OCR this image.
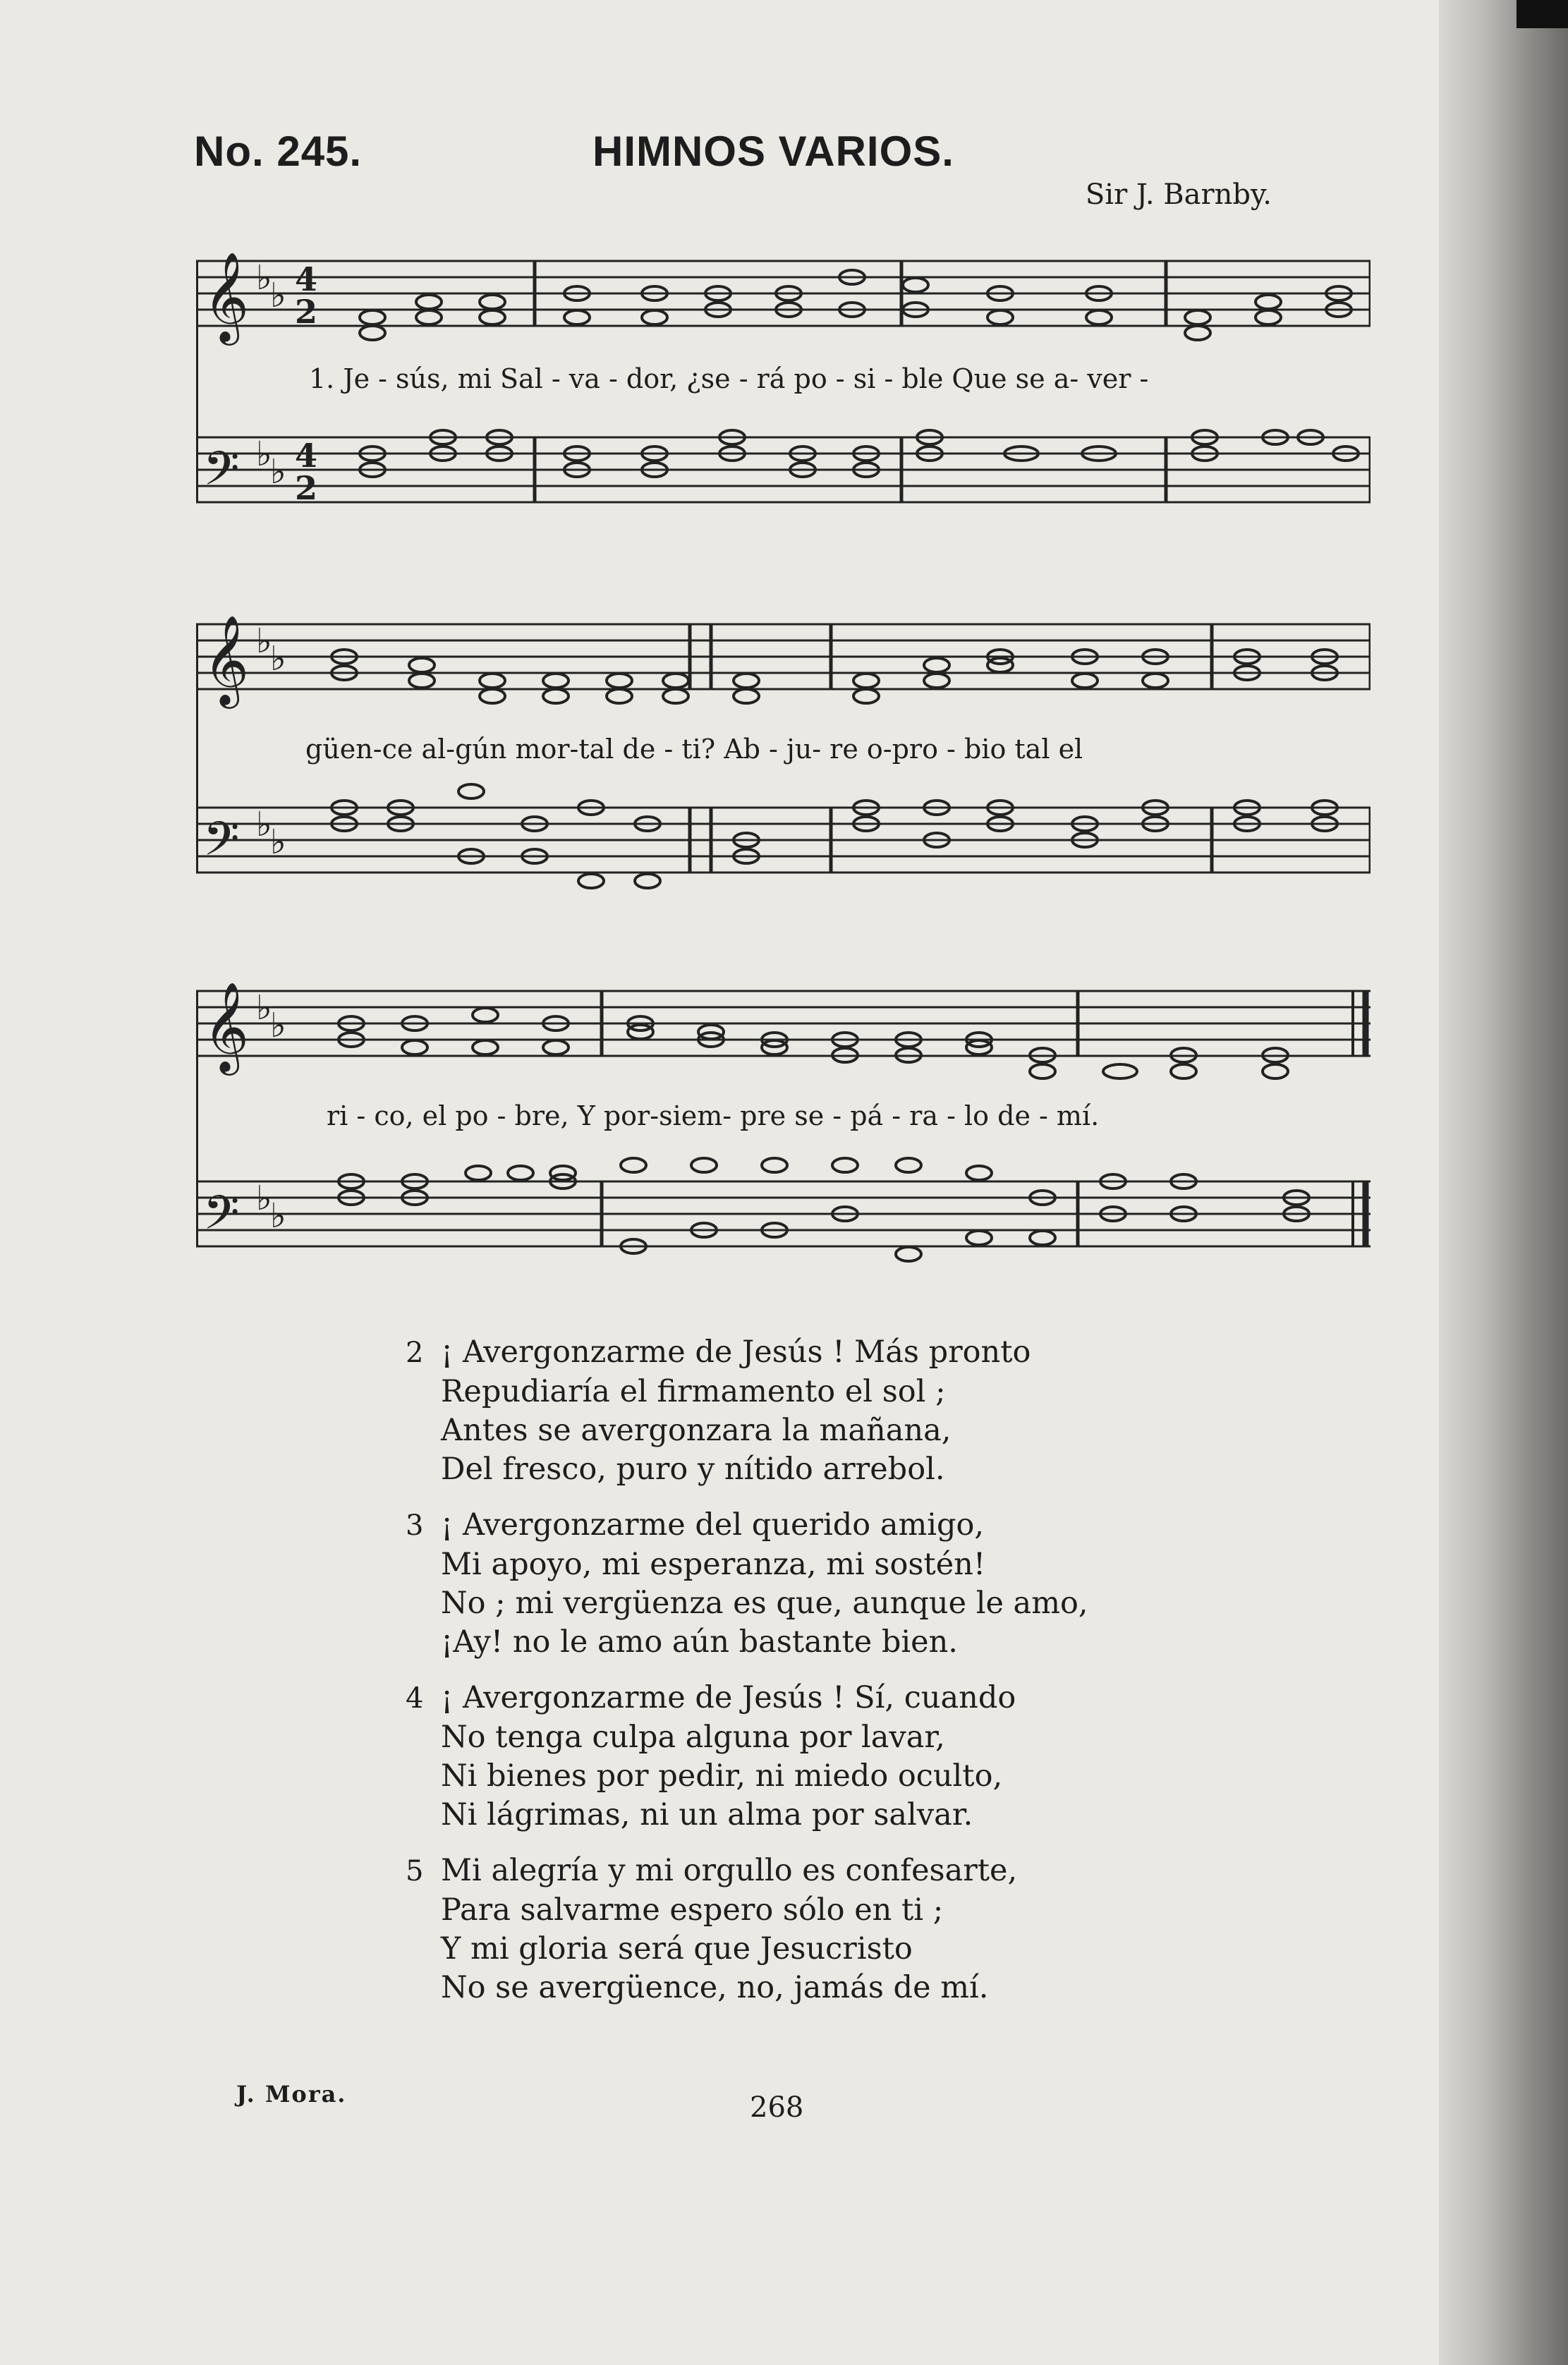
No. 245.	HIMNOS VARIOS.
Sir J. Barnby.
𝄞
𝄢
♭
♭
♭
♭
4
2
4
2
1. Je - sús, mi Sal - va - dor, ¿se - rá po - si - ble Que se a- ver -
𝄞
𝄢
♭
♭
♭
♭
güen-ce al-gún mor-tal de - ti? Ab - ju- re o-pro - bio tal el
𝄞
𝄢
♭
♭
♭
♭
ri - co, el po - bre, Y por-siem- pre se - pá - ra - lo de - mí.
2 ¡ Avergonzarme de Jesús ! Más pronto
Repudiaría el firmamento el sol ;
Antes se avergonzara la mañana,
Del fresco, puro y nítido arrebol.
3 ¡ Avergonzarme del querido amigo,
Mi apoyo, mi esperanza, mi sostén!
No ; mi vergüenza es que, aunque le amo,
¡Ay! no le amo aún bastante bien.
4 ¡ Avergonzarme de Jesús ! Sí, cuando
No tenga culpa alguna por lavar,
Ni bienes por pedir, ni miedo oculto,
Ni lágrimas, ni un alma por salvar.
5 Mi alegría y mi orgullo es confesarte,
Para salvarme espero sólo en ti ;
Y mi gloria será que Jesucristo
No se avergüence, no, jamás de mí.
J. Mora.	268
